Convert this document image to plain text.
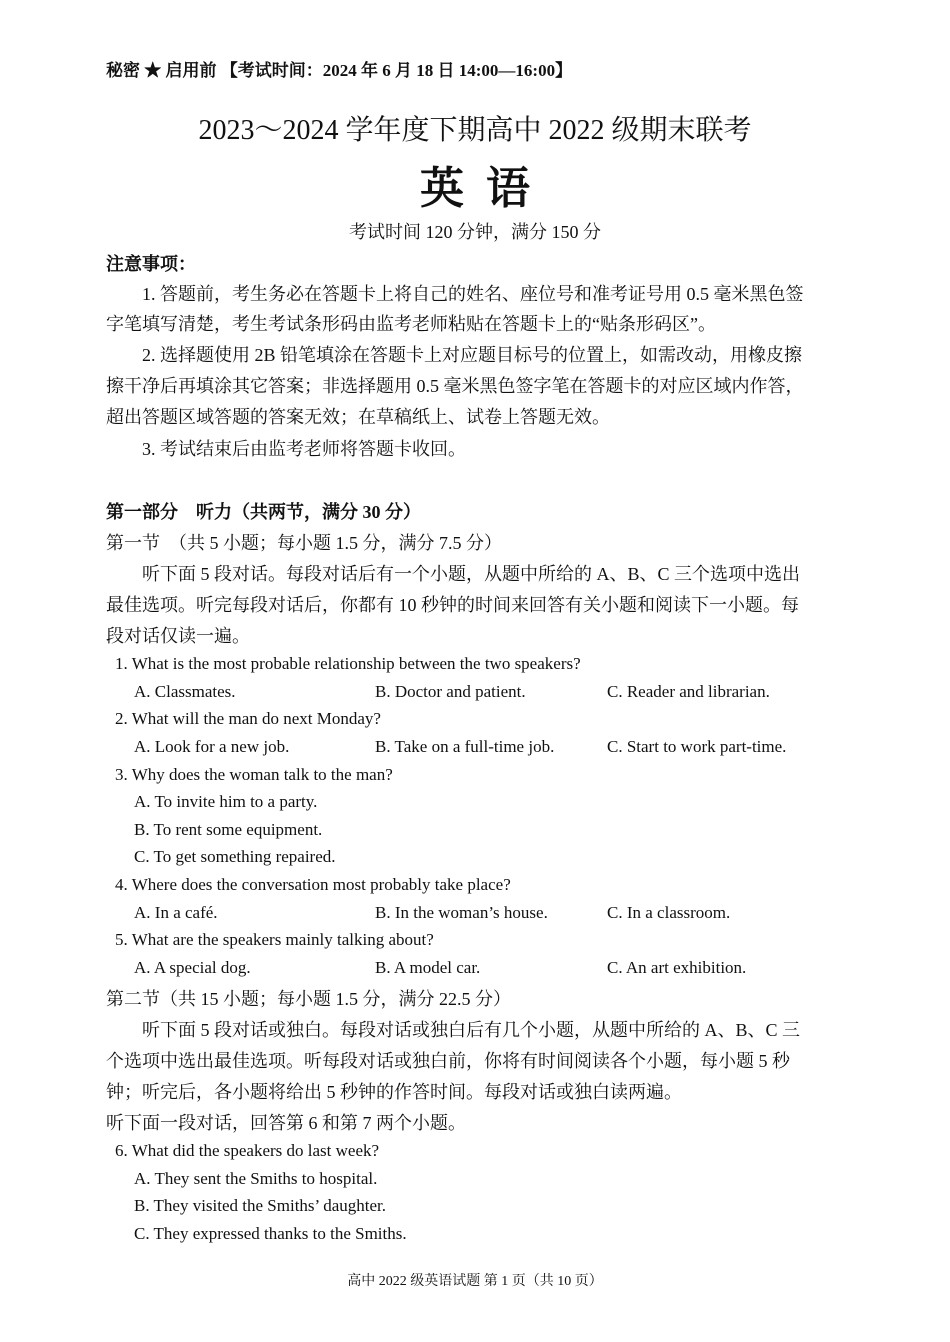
秘密 ★ 启用前 【考试时间：2024 年 6 月 18 日 14:00—16:00】
2023～2024 学年度下期高中 2022 级期末联考
英语
考试时间 120 分钟，满分 150 分
注意事项：
1. 答题前，考生务必在答题卡上将自己的姓名、座位号和准考证号用 0.5 毫米黑色签
字笔填写清楚，考生考试条形码由监考老师粘贴在答题卡上的“贴条形码区”。
2. 选择题使用 2B 铅笔填涂在答题卡上对应题目标号的位置上，如需改动，用橡皮擦
擦干净后再填涂其它答案；非选择题用 0.5 毫米黑色签字笔在答题卡的对应区域内作答，
超出答题区域答题的答案无效；在草稿纸上、试卷上答题无效。
3. 考试结束后由监考老师将答题卡收回。
第一部分　听力（共两节，满分 30 分）
第一节　（共 5 小题；每小题 1.5 分，满分 7.5 分）
听下面 5 段对话。每段对话后有一个小题，从题中所给的 A、B、C 三个选项中选出
最佳选项。听完每段对话后，你都有 10 秒钟的时间来回答有关小题和阅读下一小题。每
段对话仅读一遍。
1. What is the most probable relationship between the two speakers?
A. Classmates.	B. Doctor and patient.	C. Reader and librarian.
2. What will the man do next Monday?
A. Look for a new job.	B. Take on a full-time job.	C. Start to work part-time.
3. Why does the woman talk to the man?
A. To invite him to a party.
B. To rent some equipment.
C. To get something repaired.
4. Where does the conversation most probably take place?
A. In a café.	B. In the woman’s house.	C. In a classroom.
5. What are the speakers mainly talking about?
A. A special dog.	B. A model car.	C. An art exhibition.
第二节（共 15 小题；每小题 1.5 分，满分 22.5 分）
听下面 5 段对话或独白。每段对话或独白后有几个小题，从题中所给的 A、B、C 三
个选项中选出最佳选项。听每段对话或独白前，你将有时间阅读各个小题，每小题 5 秒
钟；听完后，各小题将给出 5 秒钟的作答时间。每段对话或独白读两遍。
听下面一段对话，回答第 6 和第 7 两个小题。
6. What did the speakers do last week?
A. They sent the Smiths to hospital.
B. They visited the Smiths’ daughter.
C. They expressed thanks to the Smiths.
高中 2022 级英语试题 第 1 页（共 10 页）
